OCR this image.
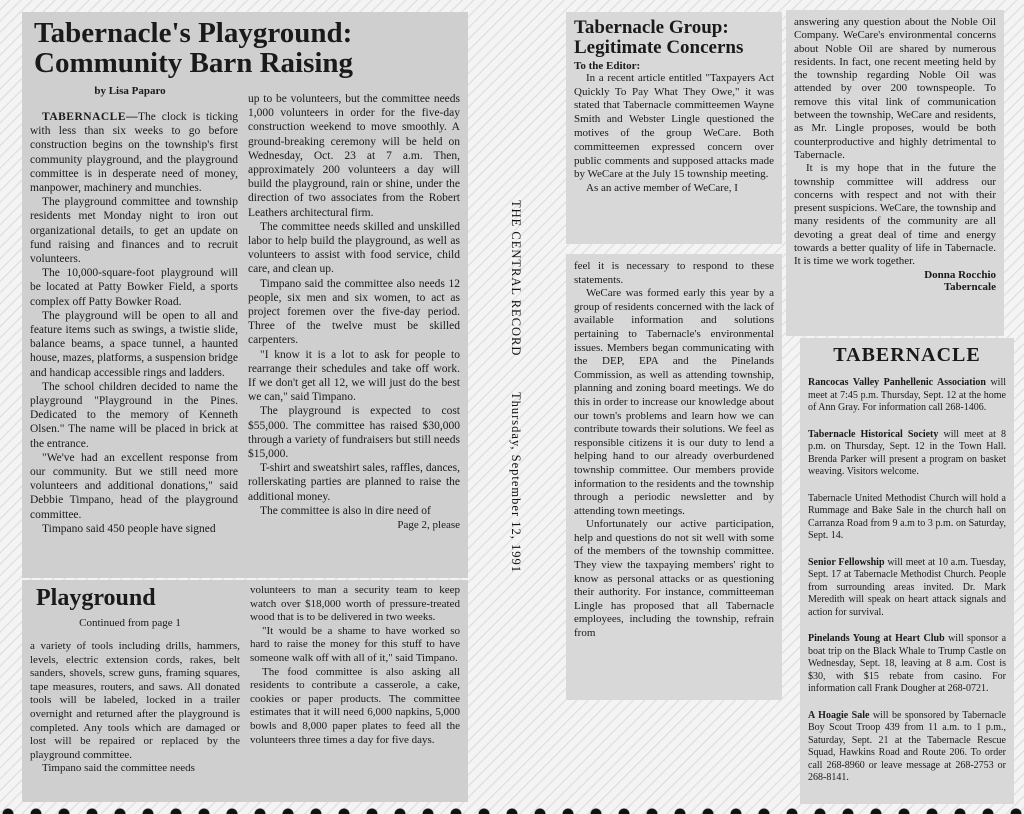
Tabernacle's Playground:
Community Barn Raising
by Lisa Paparo

TABERNACLE—The clock is ticking with less than six weeks to go before construction begins on the township's first community playground, and the playground committee is in desperate need of money, manpower, machinery and munchies.

The playground committee and township residents met Monday night to iron out organizational details, to get an update on fund raising and finances and to recruit volunteers.

The 10,000-square-foot playground will be located at Patty Bowker Field, a sports complex off Patty Bowker Road.

The playground will be open to all and feature items such as swings, a twistie slide, balance beams, a space tunnel, a haunted house, mazes, platforms, a suspension bridge and handicap accessible rings and ladders.

The school children decided to name the playground "Playground in the Pines. Dedicated to the memory of Kenneth Olsen." The name will be placed in brick at the entrance.

"We've had an excellent response from our community. But we still need more volunteers and additional donations," said Debbie Timpano, head of the playground committee.

Timpano said 450 people have signed

up to be volunteers, but the committee needs 1,000 volunteers in order for the five-day construction weekend to move smoothly. A ground-breaking ceremony will be held on Wednesday, Oct. 23 at 7 a.m. Then, approximately 200 volunteers a day will build the playground, rain or shine, under the direction of two associates from the Robert Leathers architectural firm.

The committee needs skilled and unskilled labor to help build the playground, as well as volunteers to assist with food service, child care, and clean up.

Timpano said the committee also needs 12 people, six men and six women, to act as project foremen over the five-day period. Three of the twelve must be skilled carpenters.

"I know it is a lot to ask for people to rearrange their schedules and take off work. If we don't get all 12, we will just do the best we can," said Timpano.

The playground is expected to cost $55,000. The committee has raised $30,000 through a variety of fundraisers but still needs $15,000.

T-shirt and sweatshirt sales, raffles, dances, rollerskating parties are planned to raise the additional money.

The committee is also in dire need of

Page 2, please
Playground
Continued from page 1

a variety of tools including drills, hammers, levels, electric extension cords, rakes, belt sanders, shovels, screw guns, framing squares, tape measures, routers, and saws. All donated tools will be labeled, locked in a trailer overnight and returned after the playground is completed. Any tools which are damaged or lost will be repaired or replaced by the playground committee.

Timpano said the committee needs

volunteers to man a security team to keep watch over $18,000 worth of pressure-treated wood that is to be delivered in two weeks.

"It would be a shame to have worked so hard to raise the money for this stuff to have someone walk off with all of it," said Timpano.

The food committee is also asking all residents to contribute a casserole, a cake, cookies or paper products. The committee estimates that it will need 6,000 napkins, 5,000 bowls and 8,000 paper plates to feed all the volunteers three times a day for five days.

THE CENTRAL RECORD
Thursday, September 12, 1991
Tabernacle Group:
Legitimate Concerns
To the Editor:

In a recent article entitled "Taxpayers Act Quickly To Pay What They Owe," it was stated that Tabernacle committeemen Wayne Smith and Webster Lingle questioned the motives of the group WeCare. Both committeemen expressed concern over public comments and supposed attacks made by WeCare at the July 15 township meeting.

As an active member of WeCare, I

feel it is necessary to respond to these statements.

WeCare was formed early this year by a group of residents concerned with the lack of available information and solutions pertaining to Tabernacle's environmental issues. Members began communicating with the DEP, EPA and the Pinelands Commission, as well as attending township, planning and zoning board meetings. We do this in order to increase our knowledge about our town's problems and learn how we can contribute towards their solutions. We feel as responsible citizens it is our duty to lend a helping hand to our already overburdened township committee. Our members provide information to the residents and the township through a periodic newsletter and by attending town meetings.

Unfortunately our active participation, help and questions do not sit well with some of the members of the township committee. They view the taxpaying members' right to know as personal attacks or as questioning their authority. For instance, committeeman Lingle has proposed that all Tabernacle employees, including the township, refrain from

answering any question about the Noble Oil Company. WeCare's environmental concerns about Noble Oil are shared by numerous residents. In fact, one recent meeting held by the township regarding Noble Oil was attended by over 200 townspeople. To remove this vital link of communication between the township, WeCare and residents, as Mr. Lingle proposes, would be both counterproductive and highly detrimental to Tabernacle.

It is my hope that in the future the township committee will address our concerns with respect and not with their present suspicions. WeCare, the township and many residents of the community are all devoting a great deal of time and energy towards a better quality of life in Tabernacle. It is time we work together.

Donna Rocchio

Taberncale

TABERNACLE
Rancocas Valley Panhellenic Association will meet at 7:45 p.m. Thursday, Sept. 12 at the home of Ann Gray. For information call 268-1406.
Tabernacle Historical Society will meet at 8 p.m. on Thursday, Sept. 12 in the Town Hall. Brenda Parker will present a program on basket weaving. Visitors welcome.
Tabernacle United Methodist Church will hold a Rummage and Bake Sale in the church hall on Carranza Road from 9 a.m to 3 p.m. on Saturday, Sept. 14.
Senior Fellowship will meet at 10 a.m. Tuesday, Sept. 17 at Tabernacle Methodist Church. People from surrounding areas invited. Dr. Mark Meredith will speak on heart attack signals and action for survival.
Pinelands Young at Heart Club will sponsor a boat trip on the Black Whale to Trump Castle on Wednesday, Sept. 18, leaving at 8 a.m. Cost is $30, with $15 rebate from casino. For information call Frank Dougher at 268-0721.
A Hoagie Sale will be sponsored by Tabernacle Boy Scout Troop 439 from 11 a.m. to 1 p.m., Saturday, Sept. 21 at the Tabernacle Rescue Squad, Hawkins Road and Route 206. To order call 268-8960 or leave message at 268-2753 or 268-8141.
